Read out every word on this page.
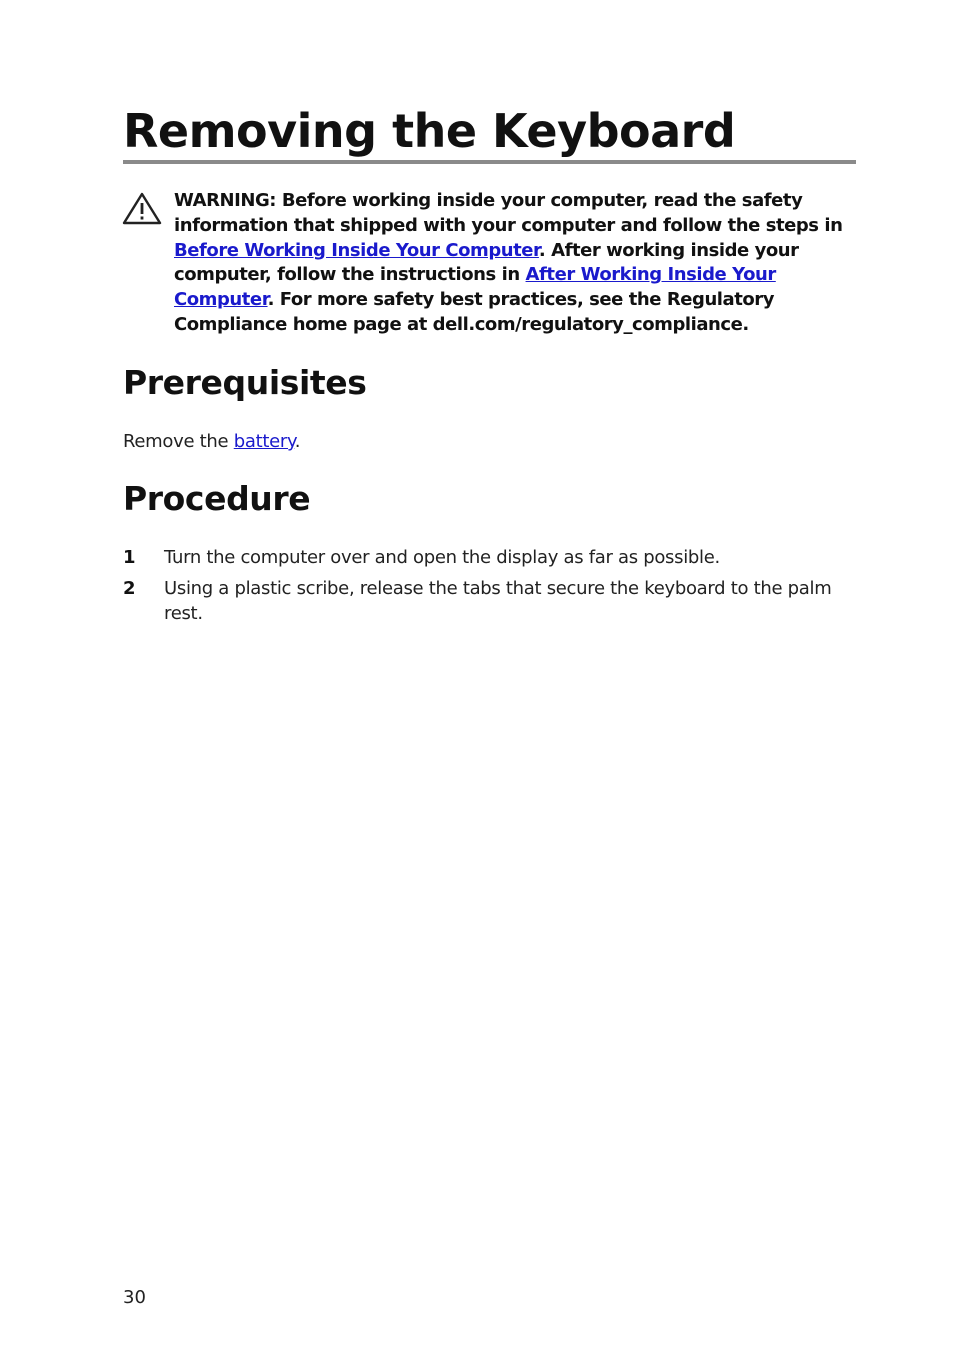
Removing the Keyboard
WARNING: Before working inside your computer, read the safety information that shipped with your computer and follow the steps in Before Working Inside Your Computer. After working inside your computer, follow the instructions in After Working Inside Your Computer. For more safety best practices, see the Regulatory Compliance home page at dell.com/regulatory_compliance.
Prerequisites
Remove the battery.
Procedure
1 Turn the computer over and open the display as far as possible.
2 Using a plastic scribe, release the tabs that secure the keyboard to the palm rest.
30
